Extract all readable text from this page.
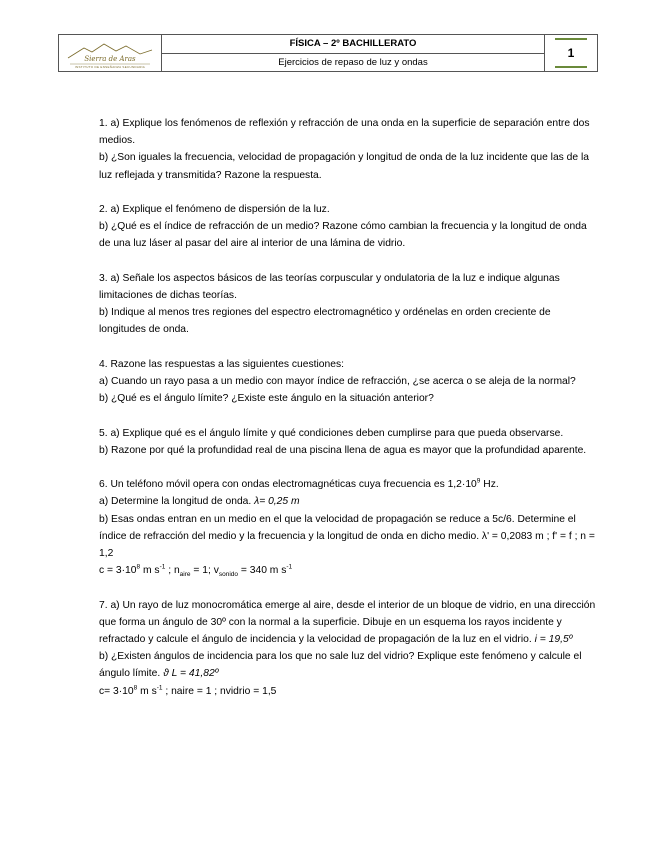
Sierra de Aras
INSTITUTO DE ENSEÑANZA SECUNDARIA
FÍSICA – 2º BACHILLERATO
Ejercicios de repaso de luz y ondas
1

1. a) Explique los fenómenos de reflexión y refracción de una onda en la superficie de separación entre dos medios.

b) ¿Son iguales la frecuencia, velocidad de propagación y longitud de onda de la luz incidente que las de la luz reflejada y transmitida? Razone la respuesta.

2. a) Explique el fenómeno de dispersión de la luz.

b) ¿Qué es el índice de refracción de un medio? Razone cómo cambian la frecuencia y la longitud de onda de una luz láser al pasar del aire al interior de una lámina de vidrio.

3. a) Señale los aspectos básicos de las teorías corpuscular y ondulatoria de la luz e indique algunas limitaciones de dichas teorías.

b) Indique al menos tres regiones del espectro electromagnético y ordénelas en orden creciente de longitudes de onda.

4. Razone las respuestas a las siguientes cuestiones:

a) Cuando un rayo pasa a un medio con mayor índice de refracción, ¿se acerca o se aleja de la normal?

b) ¿Qué es el ángulo límite? ¿Existe este ángulo en la situación anterior?

5. a) Explique qué es el ángulo límite y qué condiciones deben cumplirse para que pueda observarse.

b) Razone por qué la profundidad real de una piscina llena de agua es mayor que la profundidad aparente.

6. Un teléfono móvil opera con ondas electromagnéticas cuya frecuencia es $1,2\cdot 10^9$ Hz.

a) Determine la longitud de onda. λ= 0,25 m

b) Esas ondas entran en un medio en el que la velocidad de propagación se reduce a 5c/6. Determine el índice de refracción del medio y la frecuencia y la longitud de onda en dicho medio. λ' = 0,2083 m ; f' = f ; n = 1,2

$c = 3\cdot 10^8$ m $s^{-1}$ ; $n_{aire} = 1$; $v_{sonido} = 340$ m $s^{-1}$

7. a) Un rayo de luz monocromática emerge al aire, desde el interior de un bloque de vidrio, en una dirección que forma un ángulo de 30º con la normal a la superficie. Dibuje en un esquema los rayos incidente y refractado y calcule el ángulo de incidencia y la velocidad de propagación de la luz en el vidrio. i = 19,5º

b) ¿Existen ángulos de incidencia para los que no sale luz del vidrio? Explique este fenómeno y calcule el ángulo límite. ϑ L = 41,82º

$c= 3\cdot 10^8$ m $s^{-1}$ ; naire = 1 ; nvidrio = 1,5
